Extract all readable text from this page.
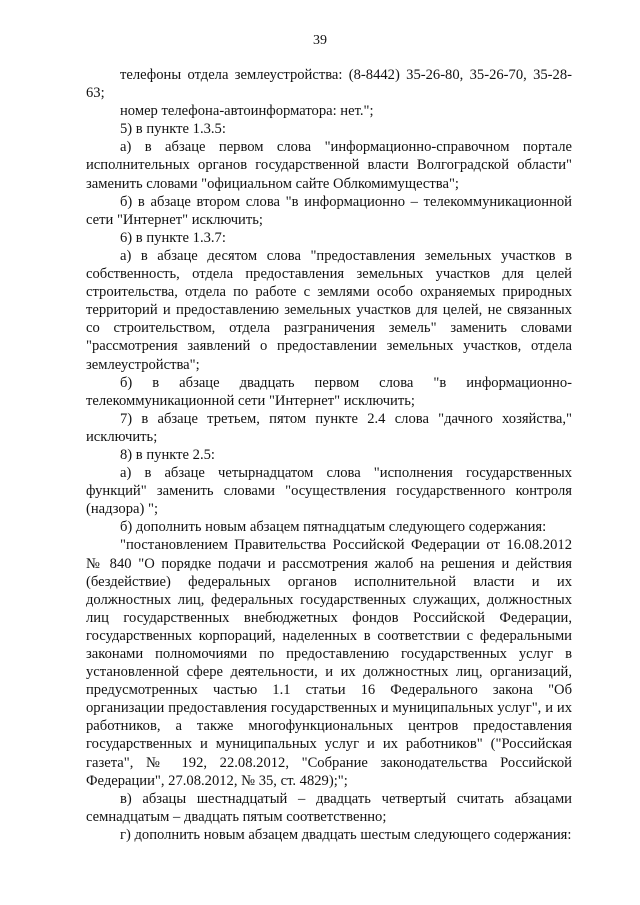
39

телефоны отдела землеустройства: (8-8442) 35-26-80, 35-26-70, 35-28-63;

номер телефона-автоинформатора: нет.";

5) в пункте 1.3.5:

а) в абзаце первом слова "информационно-справочном портале исполнительных органов государственной власти Волгоградской области" заменить словами "официальном сайте Облкомимущества";

б) в абзаце втором слова "в информационно – телекоммуникационной сети "Интернет" исключить;

6) в пункте 1.3.7:

а) в абзаце десятом слова "предоставления земельных участков в собственность, отдела предоставления земельных участков для целей строительства, отдела по работе с землями особо охраняемых природных территорий и предоставлению земельных участков для целей, не связанных со строительством, отдела разграничения земель" заменить словами "рассмотрения заявлений о предоставлении земельных участков, отдела землеустройства";

б) в абзаце двадцать первом слова "в информационно-телекоммуникационной сети "Интернет" исключить;

7) в абзаце третьем, пятом пункте 2.4 слова "дачного хозяйства," исключить;

8) в пункте 2.5:

а) в абзаце четырнадцатом слова "исполнения государственных функций" заменить словами "осуществления государственного контроля (надзора) ";

б) дополнить новым абзацем пятнадцатым следующего содержания:

"постановлением Правительства Российской Федерации от 16.08.2012 № 840 "О порядке подачи и рассмотрения жалоб на решения и действия (бездействие) федеральных органов исполнительной власти и их должностных лиц, федеральных государственных служащих, должностных лиц государственных внебюджетных фондов Российской Федерации, государственных корпораций, наделенных в соответствии с федеральными законами полномочиями по предоставлению государственных услуг в установленной сфере деятельности, и их должностных лиц, организаций, предусмотренных частью 1.1 статьи 16 Федерального закона "Об организации предоставления государственных и муниципальных услуг", и их работников, а также многофункциональных центров предоставления государственных и муниципальных услуг и их работников" ("Российская газета", № 192, 22.08.2012, "Собрание законодательства Российской Федерации", 27.08.2012, № 35, ст. 4829);";

в) абзацы шестнадцатый – двадцать четвертый считать абзацами семнадцатым – двадцать пятым соответственно;

г) дополнить новым абзацем двадцать шестым следующего содержания:
